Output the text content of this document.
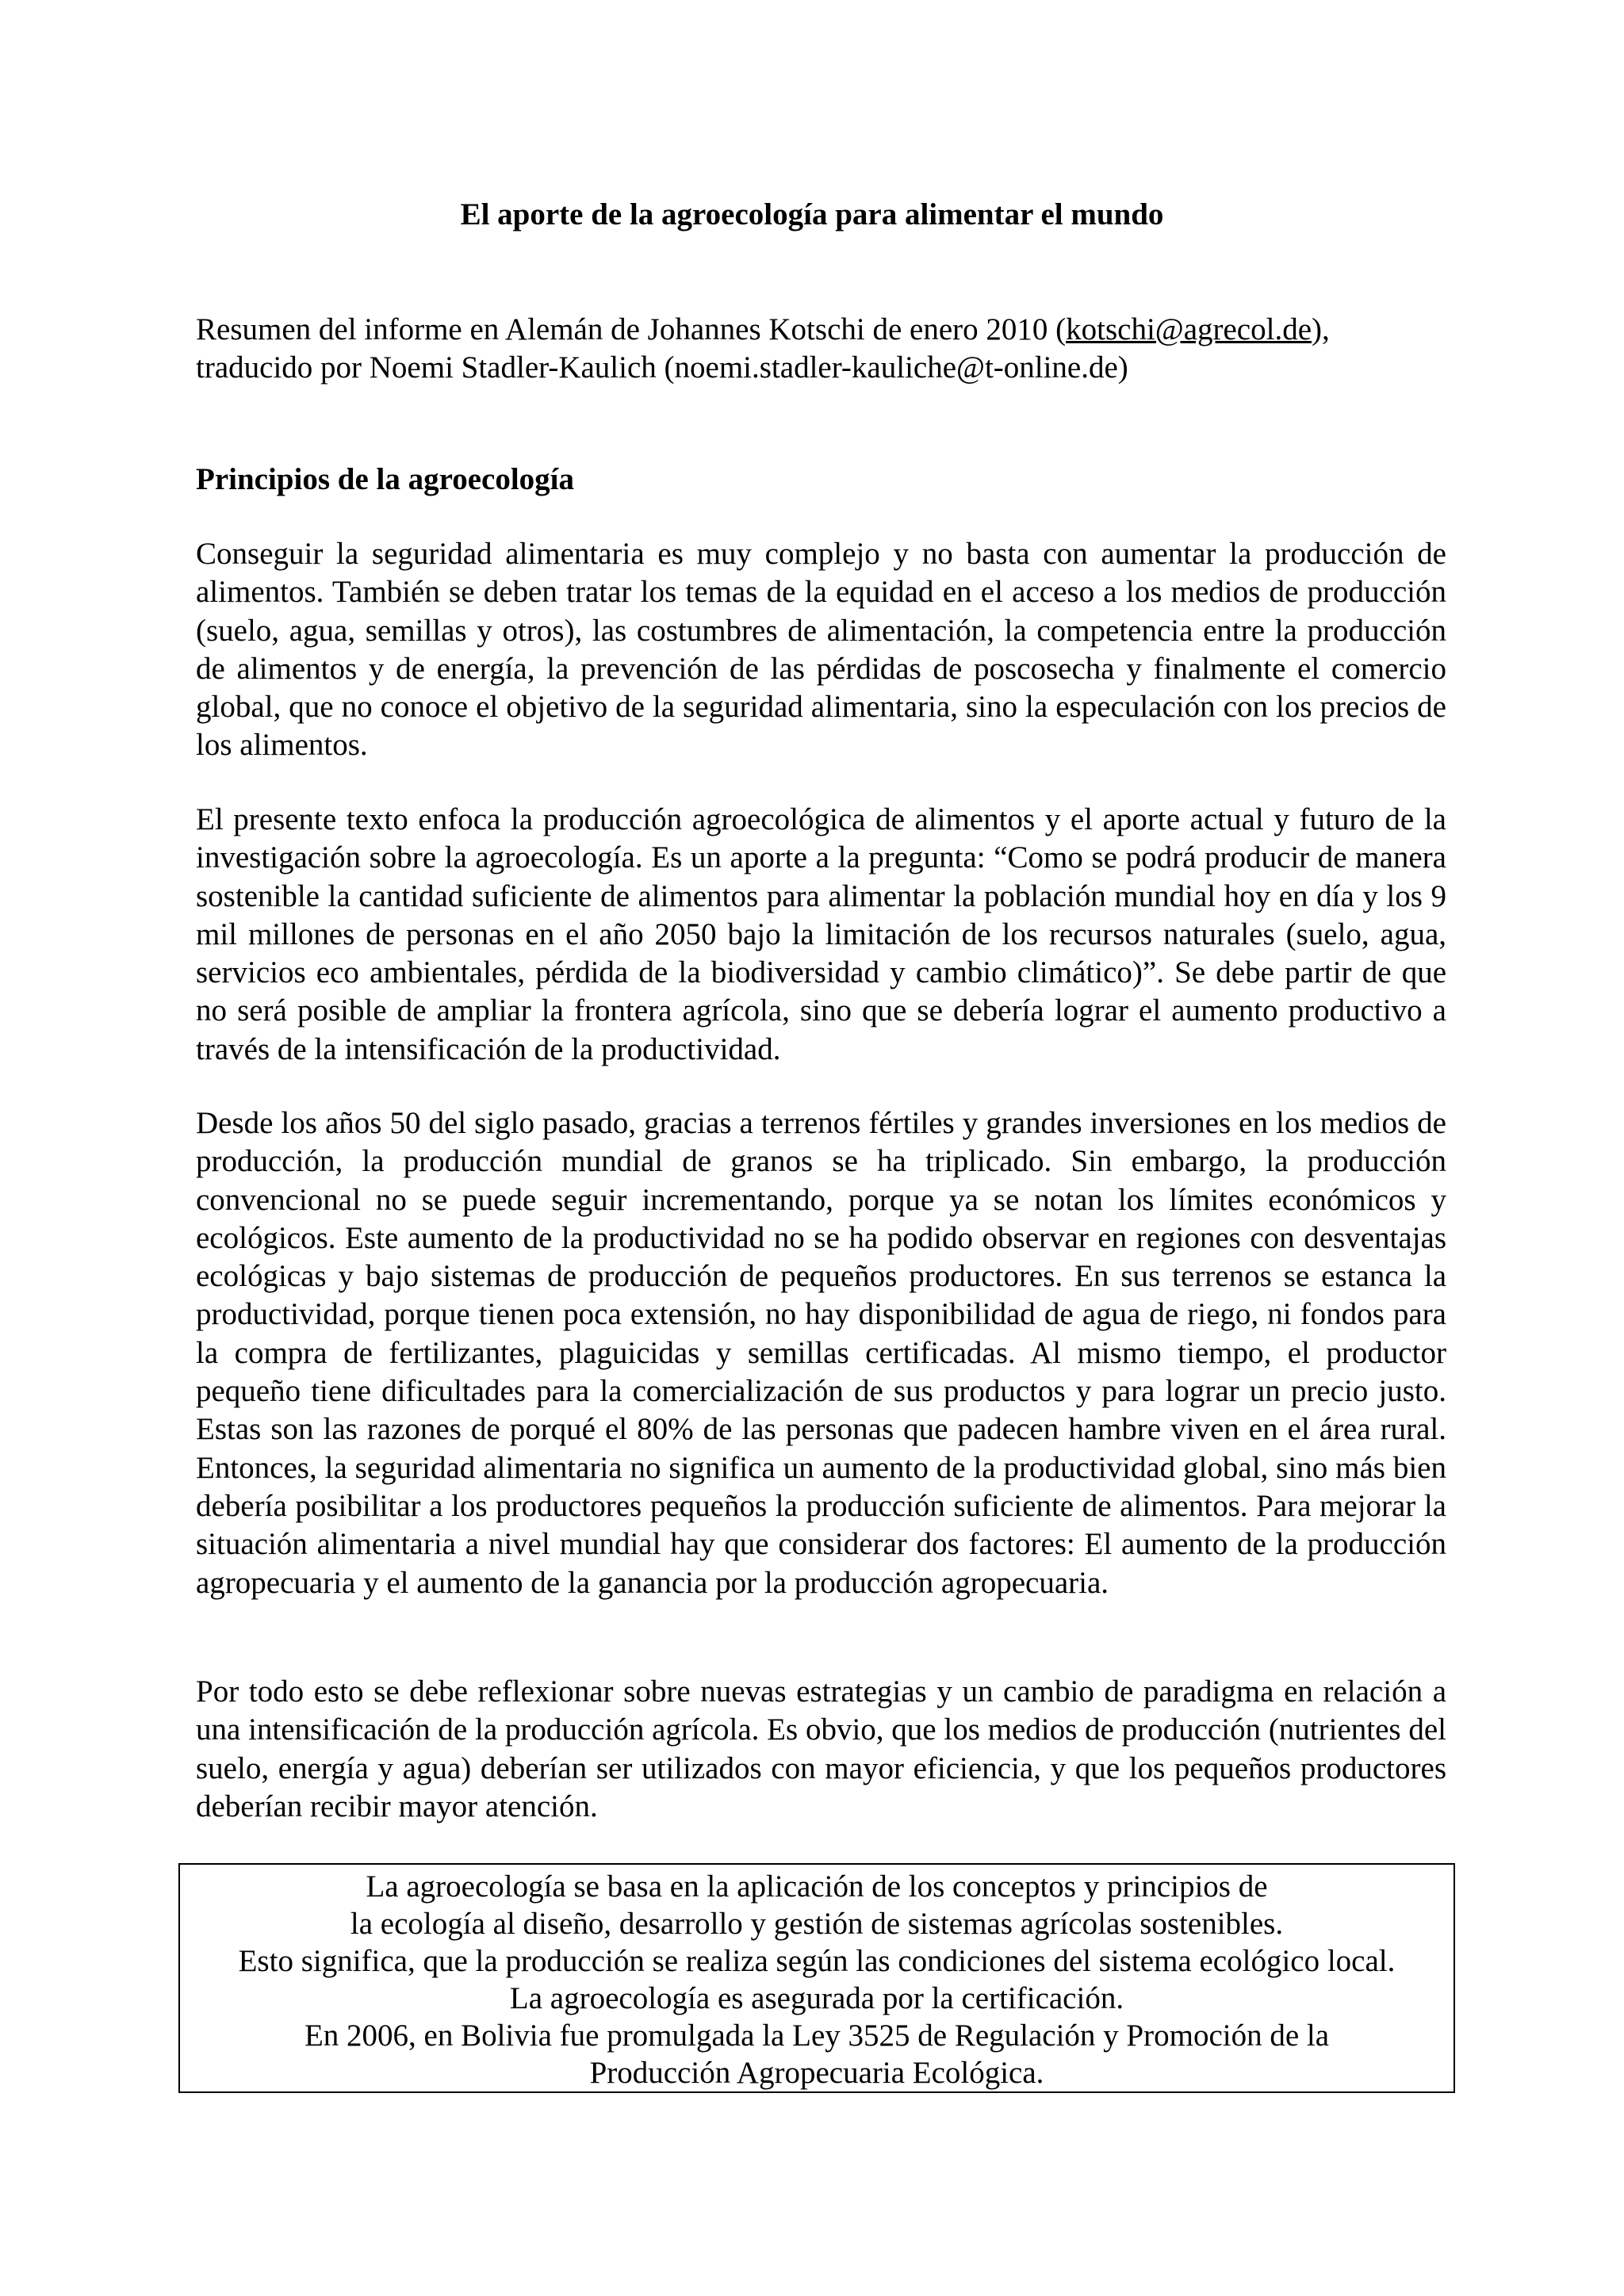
El aporte de la agroecología para alimentar el mundo

Resumen del informe en Alemán de Johannes Kotschi de enero 2010 (kotschi@agrecol.de), traducido por Noemi Stadler-Kaulich (noemi.stadler-kauliche@t-online.de)

Principios de la agroecología

Conseguir la seguridad alimentaria es muy complejo y no basta con aumentar la producción de alimentos. También se deben tratar los temas de la equidad en el acceso a los medios de producción (suelo, agua, semillas y otros), las costumbres de alimentación, la competencia entre la producción de alimentos y de energía, la prevención de las pérdidas de poscosecha y finalmente el comercio global, que no conoce el objetivo de la seguridad alimentaria, sino la especulación con los precios de los alimentos.

El presente texto enfoca la producción agroecológica de alimentos y el aporte actual y futuro de la investigación sobre la agroecología. Es un aporte a la pregunta: “Como se podrá producir de manera sostenible la cantidad suficiente de alimentos para alimentar la población mundial hoy en día y los 9 mil millones de personas en el año 2050 bajo la limitación de los recursos naturales (suelo, agua, servicios eco ambientales, pérdida de la biodiversidad y cambio climático)”. Se debe partir de que no será posible de ampliar la frontera agrícola, sino que se debería lograr el aumento productivo a través de la intensificación de la productividad.

Desde los años 50 del siglo pasado, gracias a terrenos fértiles y grandes inversiones en los medios de producción, la producción mundial de granos se ha triplicado. Sin embargo, la producción convencional no se puede seguir incrementando, porque ya se notan los límites económicos y ecológicos. Este aumento de la productividad no se ha podido observar en regiones con desventajas ecológicas y bajo sistemas de producción de pequeños productores. En sus terrenos se estanca la productividad, porque tienen poca extensión, no hay disponibilidad de agua de riego, ni fondos para la compra de fertilizantes, plaguicidas y semillas certificadas. Al mismo tiempo, el productor pequeño tiene dificultades para la comercialización de sus productos y para lograr un precio justo. Estas son las razones de porqué el 80% de las personas que padecen hambre viven en el área rural. Entonces, la seguridad alimentaria no significa un aumento de la productividad global, sino más bien debería posibilitar a los productores pequeños la producción suficiente de alimentos. Para mejorar la situación alimentaria a nivel mundial hay que considerar dos factores: El aumento de la producción agropecuaria y el aumento de la ganancia por la producción agropecuaria.

Por todo esto se debe reflexionar sobre nuevas estrategias y un cambio de paradigma en relación a una intensificación de la producción agrícola. Es obvio, que los medios de producción (nutrientes del suelo, energía y agua) deberían ser utilizados con mayor eficiencia, y que los pequeños productores deberían recibir mayor atención.

La agroecología se basa en la aplicación de los conceptos y principios de
la ecología al diseño, desarrollo y gestión de sistemas agrícolas sostenibles.
Esto significa, que la producción se realiza según las condiciones del sistema ecológico local.
La agroecología es asegurada por la certificación.
En 2006, en Bolivia fue promulgada la Ley 3525 de Regulación y Promoción de la
Producción Agropecuaria Ecológica.
